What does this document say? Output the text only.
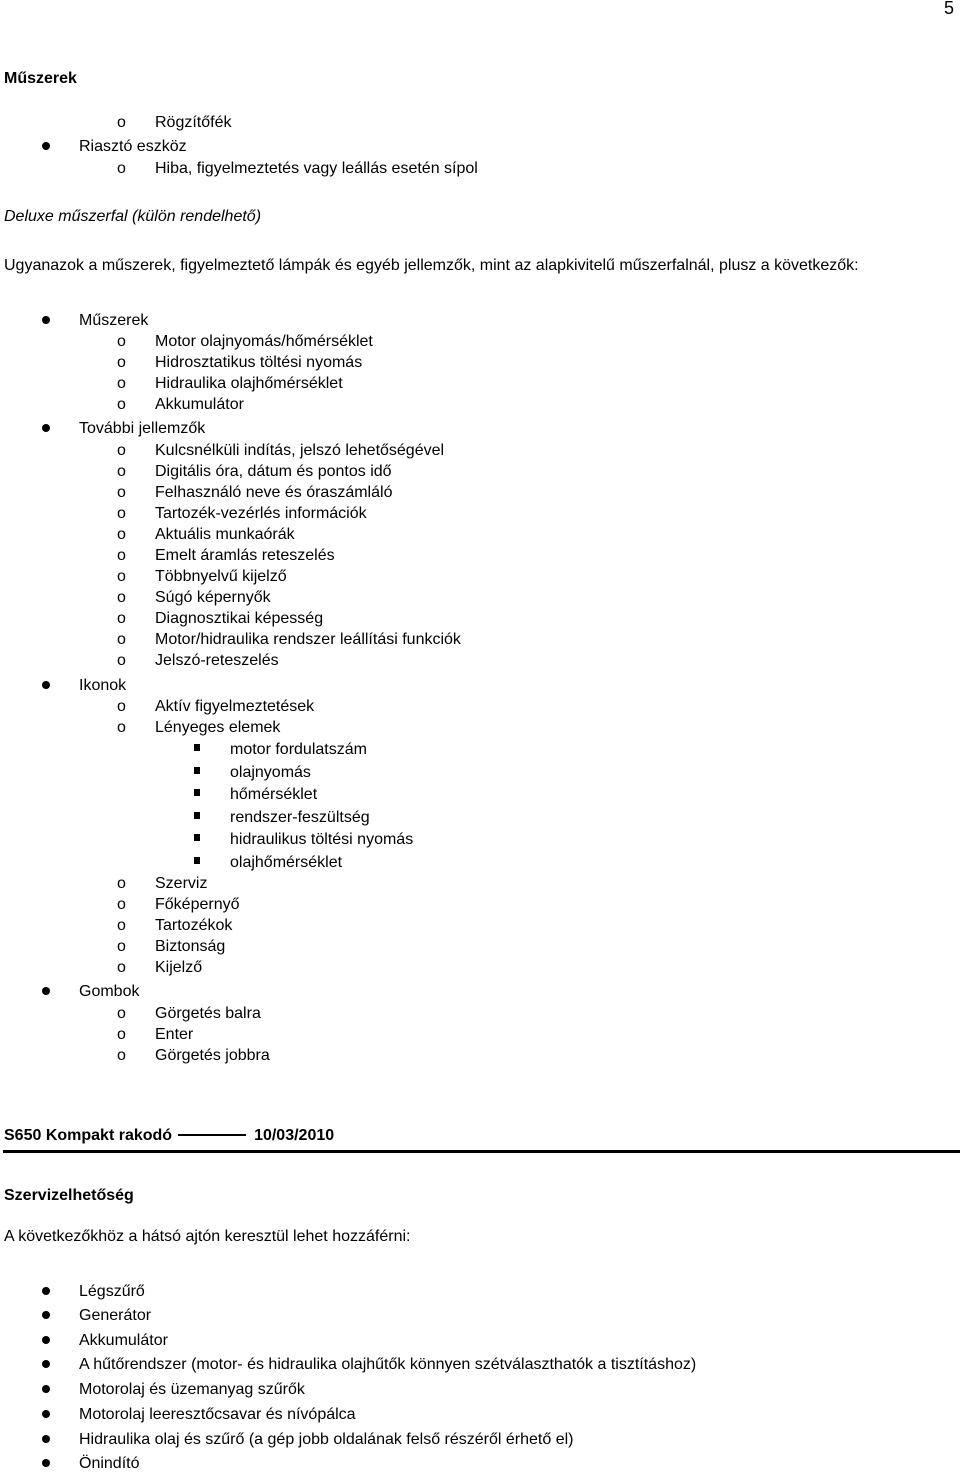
5
Műszerek
o Rögzítőfék
Riasztó eszköz
o Hiba, figyelmeztetés vagy leállás esetén sípol
Deluxe műszerfal (külön rendelhető)
Ugyanazok a műszerek, figyelmeztető lámpák és egyéb jellemzők, mint az alapkivitelű műszerfalnál, plusz a következők:
Műszerek
o Motor olajnyomás/hőmérséklet
o Hidrosztatikus töltési nyomás
o Hidraulika olajhőmérséklet
o Akkumulátor
További jellemzők
o Kulcsnélküli indítás, jelszó lehetőségével
o Digitális óra, dátum és pontos idő
o Felhasználó neve és óraszámláló
o Tartozék-vezérlés információk
o Aktuális munkaórák
o Emelt áramlás reteszelés
o Többnyelvű kijelző
o Súgó képernyők
o Diagnosztikai képesség
o Motor/hidraulika rendszer leállítási funkciók
o Jelszó-reteszelés
Ikonok
o Aktív figyelmeztetések
o Lényeges elemek
motor fordulatszám
olajnyomás
hőmérséklet
rendszer-feszültség
hidraulikus töltési nyomás
olajhőmérséklet
o Szerviz
o Főképernyő
o Tartozékok
o Biztonság
o Kijelző
Gombok
o Görgetés balra
o Enter
o Görgetés jobbra
S650 Kompakt rakodó	10/03/2010
Szervizelhetőség
A következőkhöz a hátsó ajtón keresztül lehet hozzáférni:
Légszűrő
Generátor
Akkumulátor
A hűtőrendszer (motor- és hidraulika olajhűtők könnyen szétválaszthatók a tisztításhoz)
Motorolaj és üzemanyag szűrők
Motorolaj leeresztőcsavar és nívópálca
Hidraulika olaj és szűrő (a gép jobb oldalának felső részéről érhető el)
Önindító
